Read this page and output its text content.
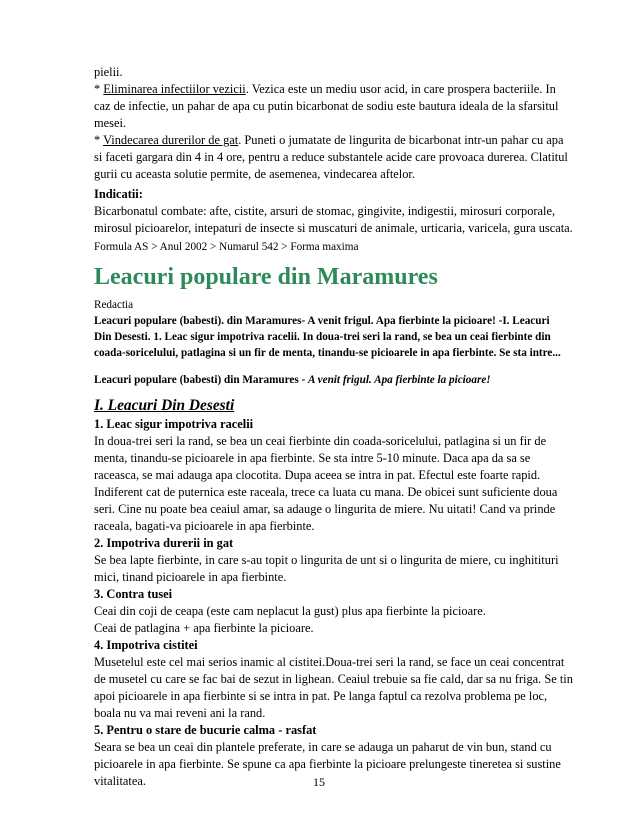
pielii.

* Eliminarea infectiilor vezicii. Vezica este un mediu usor acid, in care prospera bacteriile. In

caz de infectie, un pahar de apa cu putin bicarbonat de sodiu este bautura ideala de la sfarsitul

mesei.

* Vindecarea durerilor de gat. Puneti o jumatate de lingurita de bicarbonat intr-un pahar cu apa

si faceti gargara din 4 in 4 ore, pentru a reduce substantele acide care provoaca durerea. Clatitul

gurii cu aceasta solutie permite, de asemenea, vindecarea aftelor.

Indicatii:

Bicarbonatul combate: afte, cistite, arsuri de stomac, gingivite, indigestii, mirosuri corporale,

mirosul picioarelor, intepaturi de insecte si muscaturi de animale, urticaria, varicela, gura uscata.

Formula AS > Anul 2002 > Numarul 542 > Forma maxima
Leacuri populare din Maramures

Redactia

Leacuri populare (babesti). din Maramures- A venit frigul. Apa fierbinte la picioare! -I. Leacuri

Din Desesti. 1. Leac sigur impotriva racelii. In doua-trei seri la rand, se bea un ceai fierbinte din

coada-soricelului, patlagina si un fir de menta, tinandu-se picioarele in apa fierbinte. Se sta intre...

Leacuri populare (babesti) din Maramures - A venit frigul. Apa fierbinte la picioare!

I. Leacuri Din Desesti

1. Leac sigur impotriva racelii

In doua-trei seri la rand, se bea un ceai fierbinte din coada-soricelului, patlagina si un fir de

menta, tinandu-se picioarele in apa fierbinte. Se sta intre 5-10 minute. Daca apa da sa se

raceasca, se mai adauga apa clocotita. Dupa aceea se intra in pat. Efectul este foarte rapid.

Indiferent cat de puternica este raceala, trece ca luata cu mana. De obicei sunt suficiente doua

seri. Cine nu poate bea ceaiul amar, sa adauge o lingurita de miere. Nu uitati! Cand va prinde

raceala, bagati-va picioarele in apa fierbinte.

2. Impotriva durerii in gat

Se bea lapte fierbinte, in care s-au topit o lingurita de unt si o lingurita de miere, cu inghitituri

mici, tinand picioarele in apa fierbinte.

3. Contra tusei

Ceai din coji de ceapa (este cam neplacut la gust) plus apa fierbinte la picioare.

Ceai de patlagina + apa fierbinte la picioare.

4. Impotriva cistitei

Musetelul este cel mai serios inamic al cistitei.Doua-trei seri la rand, se face un ceai concentrat

de musetel cu care se fac bai de sezut in lighean. Ceaiul trebuie sa fie cald, dar sa nu friga. Se tin

apoi picioarele in apa fierbinte si se intra in pat. Pe langa faptul ca rezolva problema pe loc,

boala nu va mai reveni ani la rand.

5. Pentru o stare de bucurie calma - rasfat

Seara se bea un ceai din plantele preferate, in care se adauga un paharut de vin bun, stand cu

picioarele in apa fierbinte. Se spune ca apa fierbinte la picioare prelungeste tineretea si sustine

vitalitatea.	15
